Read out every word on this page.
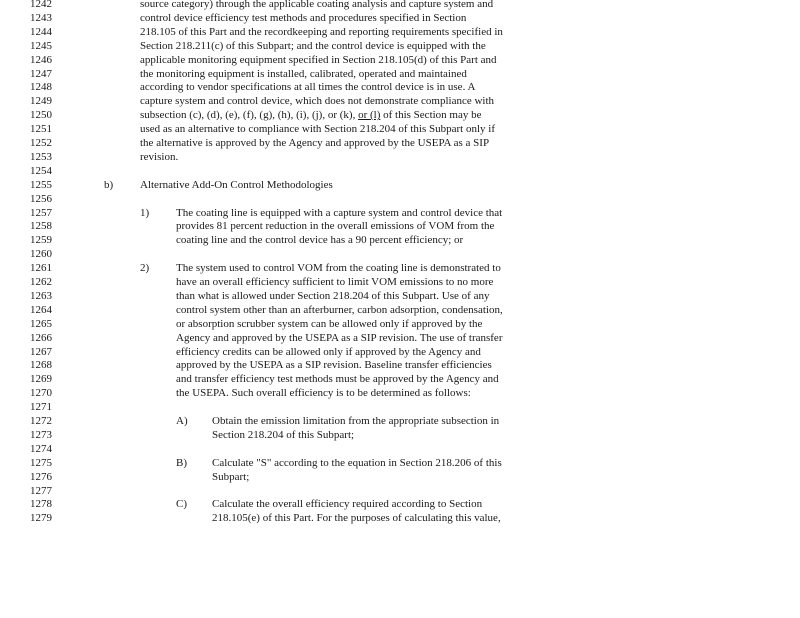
1242	source category) through the applicable coating analysis and capture system and
1243	control device efficiency test methods and procedures specified in Section
1244	218.105 of this Part and the recordkeeping and reporting requirements specified in
1245	Section 218.211(c) of this Subpart; and the control device is equipped with the
1246	applicable monitoring equipment specified in Section 218.105(d) of this Part and
1247	the monitoring equipment is installed, calibrated, operated and maintained
1248	according to vendor specifications at all times the control device is in use. A
1249	capture system and control device, which does not demonstrate compliance with
1250	subsection (c), (d), (e), (f), (g), (h), (i), (j), or (k), or (l) of this Section may be
1251	used as an alternative to compliance with Section 218.204 of this Subpart only if
1252	the alternative is approved by the Agency and approved by the USEPA as a SIP
1253	revision.
1254
1255	b) Alternative Add-On Control Methodologies
1256
1257	1) The coating line is equipped with a capture system and control device that
1258	provides 81 percent reduction in the overall emissions of VOM from the
1259	coating line and the control device has a 90 percent efficiency; or
1260
1261	2) The system used to control VOM from the coating line is demonstrated to
1262	have an overall efficiency sufficient to limit VOM emissions to no more
1263	than what is allowed under Section 218.204 of this Subpart. Use of any
1264	control system other than an afterburner, carbon adsorption, condensation,
1265	or absorption scrubber system can be allowed only if approved by the
1266	Agency and approved by the USEPA as a SIP revision. The use of transfer
1267	efficiency credits can be allowed only if approved by the Agency and
1268	approved by the USEPA as a SIP revision. Baseline transfer efficiencies
1269	and transfer efficiency test methods must be approved by the Agency and
1270	the USEPA. Such overall efficiency is to be determined as follows:
1271
1272	A) Obtain the emission limitation from the appropriate subsection in
1273	Section 218.204 of this Subpart;
1274
1275	B) Calculate "S" according to the equation in Section 218.206 of this
1276	Subpart;
1277
1278	C) Calculate the overall efficiency required according to Section
1279	218.105(e) of this Part. For the purposes of calculating this value,
